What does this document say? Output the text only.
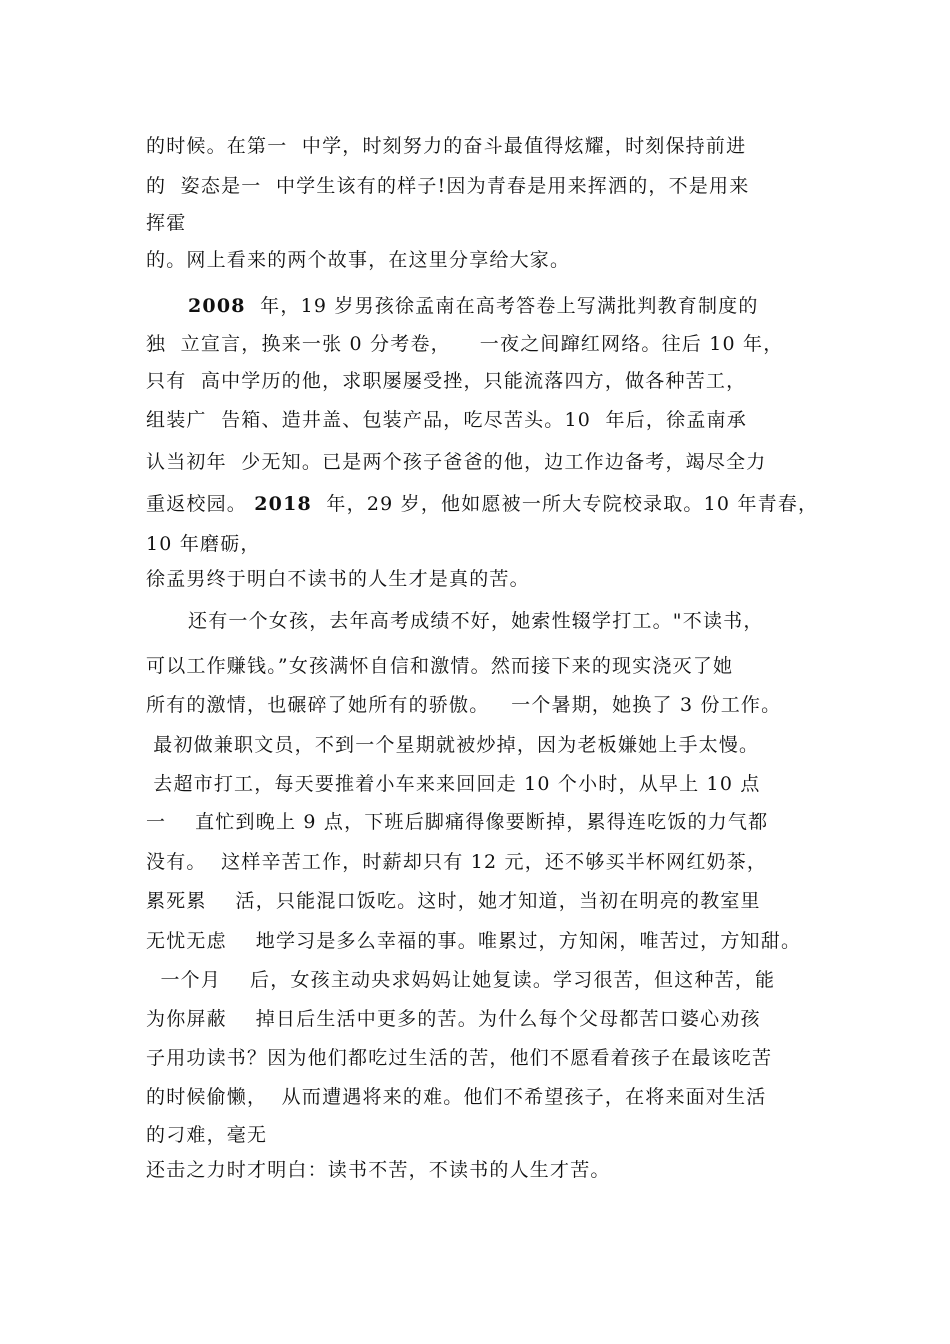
的时候。在第一  中学，时刻努力的奋斗最值得炫耀，时刻保持前进
的  姿态是一  中学生该有的样子!因为青春是用来挥洒的，不是用来
挥霍
的。网上看来的两个故事，在这里分享给大家。
2008  年，19 岁男孩徐孟南在高考答卷上写满批判教育制度的
独  立宣言，换来一张 0 分考卷，    一夜之间蹿红网络。往后 10 年，
只有  高中学历的他，求职屡屡受挫，只能流落四方，做各种苦工，
组装广  告箱、造井盖、包装产品，吃尽苦头。10  年后，徐孟南承
认当初年  少无知。已是两个孩子爸爸的他，边工作边备考，竭尽全力
重返校园。 2018  年，29 岁，他如愿被一所大专院校录取。10 年青春，
10 年磨砺，
徐孟男终于明白不读书的人生才是真的苦。
还有一个女孩，去年高考成绩不好，她索性辍学打工。"不读书，
可以工作赚钱。”女孩满怀自信和激情。然而接下来的现实浇灭了她
所有的激情，也碾碎了她所有的骄傲。   一个暑期，她换了 3 份工作。
最初做兼职文员，不到一个星期就被炒掉，因为老板嫌她上手太慢。
去超市打工，每天要推着小车来来回回走 10 个小时，从早上 10 点
一    直忙到晚上 9 点，下班后脚痛得像要断掉，累得连吃饭的力气都
没有。  这样辛苦工作，时薪却只有 12 元，还不够买半杯网红奶茶，
累死累    活，只能混口饭吃。这时，她才知道，当初在明亮的教室里
无忧无虑    地学习是多么幸福的事。唯累过，方知闲，唯苦过，方知甜。
一个月    后，女孩主动央求妈妈让她复读。学习很苦，但这种苦，能
为你屏蔽    掉日后生活中更多的苦。为什么每个父母都苦口婆心劝孩
子用功读书？因为他们都吃过生活的苦，他们不愿看着孩子在最该吃苦
的时候偷懒，  从而遭遇将来的难。他们不希望孩子，在将来面对生活
的刁难，毫无
还击之力时才明白：读书不苦，不读书的人生才苦。
